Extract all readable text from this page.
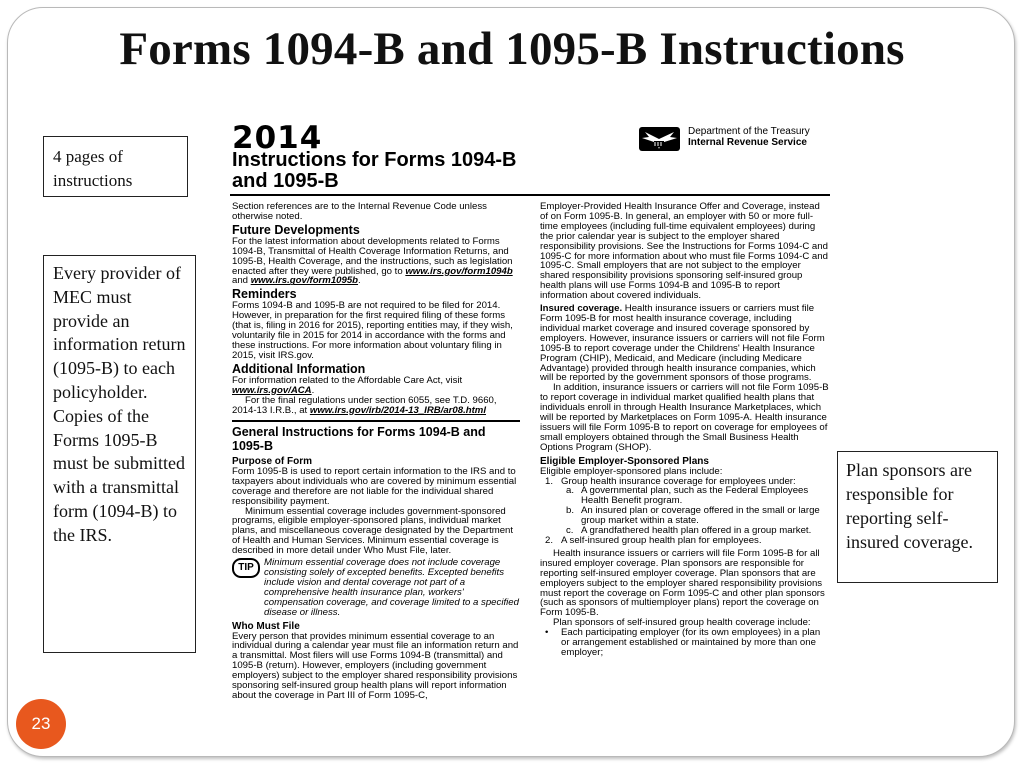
Forms 1094-B and 1095-B Instructions
4 pages of instructions
Every provider of MEC must provide an information return (1095-B) to each policyholder. Copies of the Forms 1095-B must be submitted with a transmittal form (1094-B) to the IRS.
Plan sponsors are responsible for reporting self-insured coverage.
23
2014
Instructions for Forms 1094-B and 1095-B
Department of the Treasury
Internal Revenue Service

Section references are to the Internal Revenue Code unless otherwise noted.

Future Developments

For the latest information about developments related to Forms 1094-B, Transmittal of Health Coverage Information Returns, and 1095-B, Health Coverage, and the instructions, such as legislation enacted after they were published, go to www.irs.gov/form1094b and www.irs.gov/form1095b.

Reminders

Forms 1094-B and 1095-B are not required to be filed for 2014. However, in preparation for the first required filing of these forms (that is, filing in 2016 for 2015), reporting entities may, if they wish, voluntarily file in 2015 for 2014 in accordance with the forms and these instructions. For more information about voluntary filing in 2015, visit IRS.gov.

Additional Information

For information related to the Affordable Care Act, visit www.irs.gov/ACA.

For the final regulations under section 6055, see T.D. 9660, 2014-13 I.R.B., at www.irs.gov/irb/2014-13_IRB/ar08.html

General Instructions for Forms 1094-B and 1095-B
Purpose of Form

Form 1095-B is used to report certain information to the IRS and to taxpayers about individuals who are covered by minimum essential coverage and therefore are not liable for the individual shared responsibility payment.

Minimum essential coverage includes government-sponsored programs, eligible employer-sponsored plans, individual market plans, and miscellaneous coverage designated by the Department of Health and Human Services. Minimum essential coverage is described in more detail under Who Must File, later.

TIP	Minimum essential coverage does not include coverage consisting solely of excepted benefits. Excepted benefits include vision and dental coverage not part of a comprehensive health insurance plan, workers' compensation coverage, and coverage limited to a specified disease or illness.
Who Must File

Every person that provides minimum essential coverage to an individual during a calendar year must file an information return and a transmittal. Most filers will use Forms 1094-B (transmittal) and 1095-B (return). However, employers (including government employers) subject to the employer shared responsibility provisions sponsoring self-insured group health plans will report information about the coverage in Part III of Form 1095-C,

Employer-Provided Health Insurance Offer and Coverage, instead of on Form 1095-B. In general, an employer with 50 or more full-time employees (including full-time equivalent employees) during the prior calendar year is subject to the employer shared responsibility provisions. See the Instructions for Forms 1094-C and 1095-C for more information about who must file Forms 1094-C and 1095-C. Small employers that are not subject to the employer shared responsibility provisions sponsoring self-insured group health plans will use Forms 1094-B and 1095-B to report information about covered individuals.

Insured coverage. Health insurance issuers or carriers must file Form 1095-B for most health insurance coverage, including individual market coverage and insured coverage sponsored by employers. However, insurance issuers or carriers will not file Form 1095-B to report coverage under the Childrens' Health Insurance Program (CHIP), Medicaid, and Medicare (including Medicare Advantage) provided through health insurance companies, which will be reported by the government sponsors of those programs.

In addition, insurance issuers or carriers will not file Form 1095-B to report coverage in individual market qualified health plans that individuals enroll in through Health Insurance Marketplaces, which will be reported by Marketplaces on Form 1095-A. Health insurance issuers will file Form 1095-B to report on coverage for employees of small employers obtained through the Small Business Health Options Program (SHOP).

Eligible Employer-Sponsored Plans

Eligible employer-sponsored plans include:

1. Group health insurance coverage for employees under:
a. A governmental plan, such as the Federal Employees Health Benefit program.
b. An insured plan or coverage offered in the small or large group market within a state.
c. A grandfathered health plan offered in a group market.
2. A self-insured group health plan for employees.

Health insurance issuers or carriers will file Form 1095-B for all insured employer coverage. Plan sponsors are responsible for reporting self-insured employer coverage. Plan sponsors that are employers subject to the employer shared responsibility provisions must report the coverage on Form 1095-C and other plan sponsors (such as sponsors of multiemployer plans) report the coverage on Form 1095-B.

Plan sponsors of self-insured group health coverage include:

•	Each participating employer (for its own employees) in a plan or arrangement established or maintained by more than one employer;
